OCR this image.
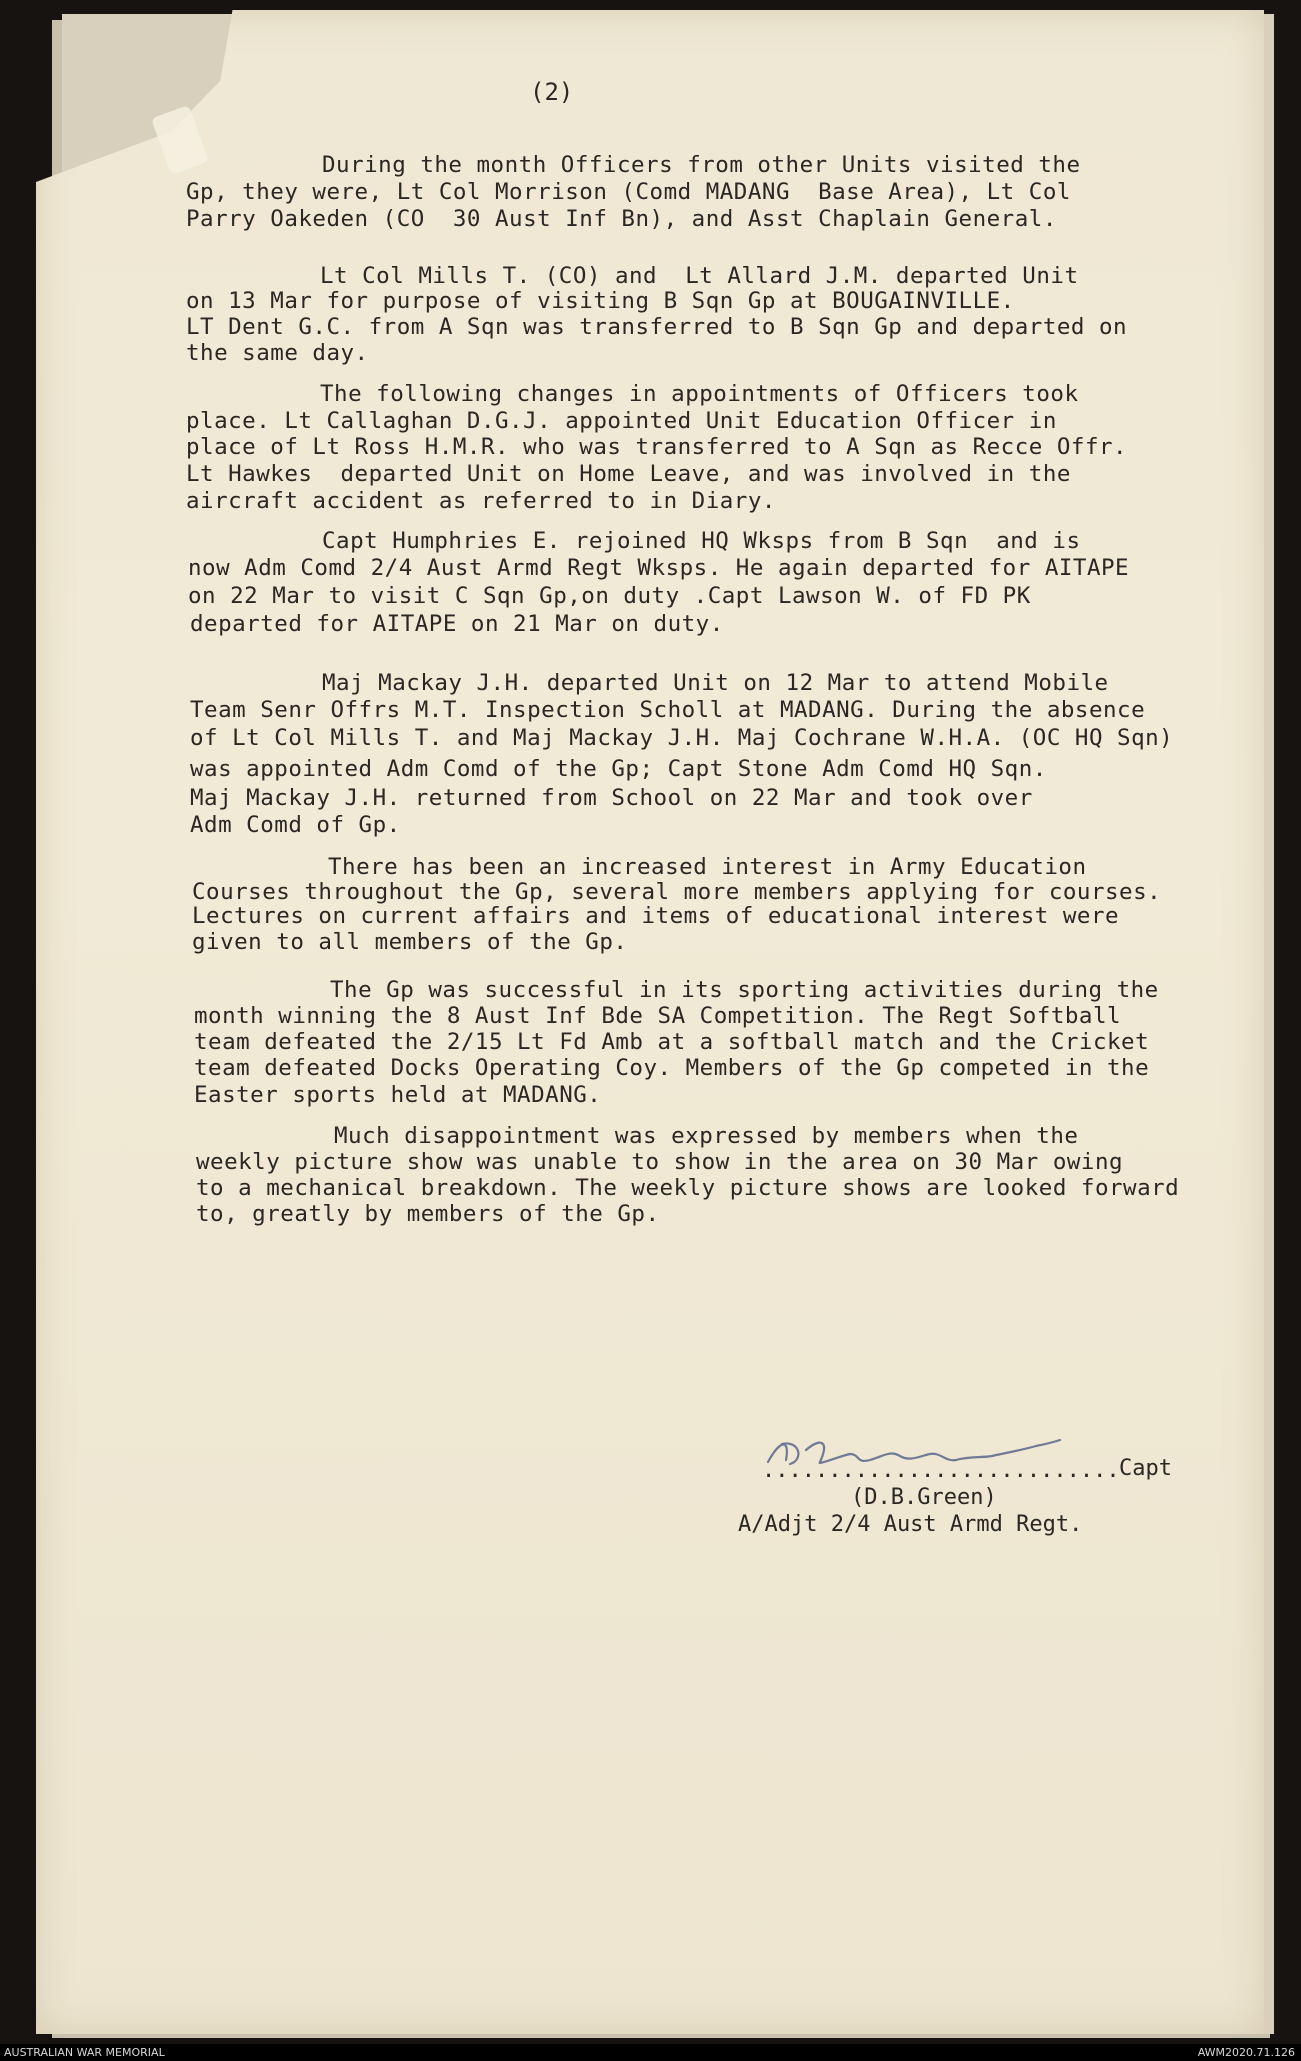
(2)
During the month Officers from other Units visited the
Gp, they were, Lt Col Morrison (Comd MADANG  Base Area), Lt Col
Parry Oakeden (CO  30 Aust Inf Bn), and Asst Chaplain General.
Lt Col Mills T. (CO) and  Lt Allard J.M. departed Unit
on 13 Mar for purpose of visiting B Sqn Gp at BOUGAINVILLE.
LT Dent G.C. from A Sqn was transferred to B Sqn Gp and departed on
the same day.
The following changes in appointments of Officers took
place. Lt Callaghan D.G.J. appointed Unit Education Officer in
place of Lt Ross H.M.R. who was transferred to A Sqn as Recce Offr.
Lt Hawkes  departed Unit on Home Leave, and was involved in the
aircraft accident as referred to in Diary.
Capt Humphries E. rejoined HQ Wksps from B Sqn  and is
now Adm Comd 2/4 Aust Armd Regt Wksps. He again departed for AITAPE
on 22 Mar to visit C Sqn Gp,on duty .Capt Lawson W. of FD PK
departed for AITAPE on 21 Mar on duty.
Maj Mackay J.H. departed Unit on 12 Mar to attend Mobile
Team Senr Offrs M.T. Inspection Scholl at MADANG. During the absence
of Lt Col Mills T. and Maj Mackay J.H. Maj Cochrane W.H.A. (OC HQ Sqn)
was appointed Adm Comd of the Gp; Capt Stone Adm Comd HQ Sqn.
Maj Mackay J.H. returned from School on 22 Mar and took over
Adm Comd of Gp.
There has been an increased interest in Army Education
Courses throughout the Gp, several more members applying for courses.
Lectures on current affairs and items of educational interest were
given to all members of the Gp.
The Gp was successful in its sporting activities during the
month winning the 8 Aust Inf Bde SA Competition. The Regt Softball
team defeated the 2/15 Lt Fd Amb at a softball match and the Cricket
team defeated Docks Operating Coy. Members of the Gp competed in the
Easter sports held at MADANG.
Much disappointment was expressed by members when the
weekly picture show was unable to show in the area on 30 Mar owing
to a mechanical breakdown. The weekly picture shows are looked forward
to, greatly by members of the Gp.
........................... Capt
(D.B.Green)
A/Adjt 2/4 Aust Armd Regt.
AUSTRALIAN WAR MEMORIAL	AWM2020.71.126
